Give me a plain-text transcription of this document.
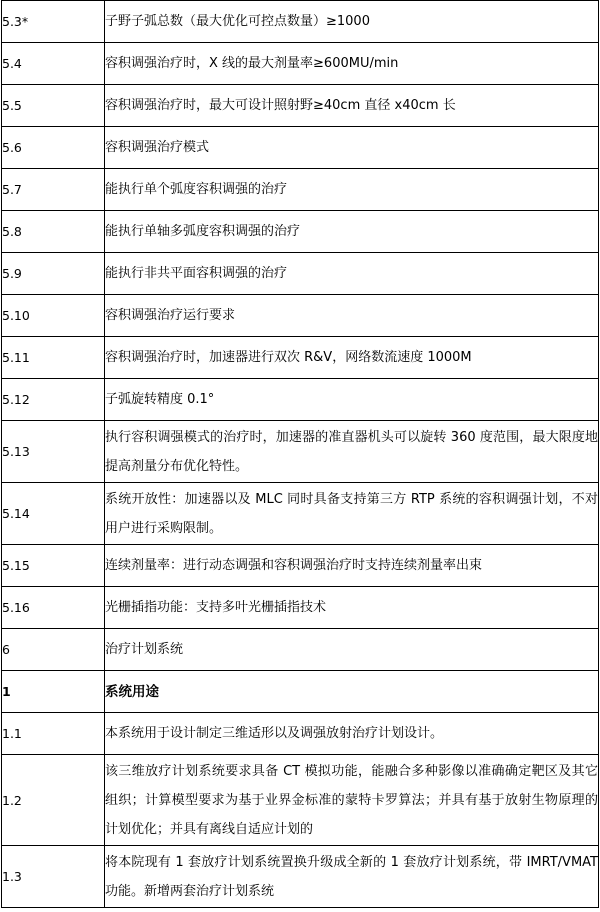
5.3*	子野子弧总数（最大优化可控点数量）≥1000
5.4	容积调强治疗时，X 线的最大剂量率≥600MU/min
5.5	容积调强治疗时，最大可设计照射野≥40cm 直径 x40cm 长
5.6	容积调强治疗模式
5.7	能执行单个弧度容积调强的治疗
5.8	能执行单轴多弧度容积调强的治疗
5.9	能执行非共平面容积调强的治疗
5.10	容积调强治疗运行要求
5.11	容积调强治疗时，加速器进行双次 R&V，网络数流速度 1000M
5.12	子弧旋转精度 0.1°
5.13	执行容积调强模式的治疗时，加速器的准直器机头可以旋转 360 度范围，最大限度地提高剂量分布优化特性。
5.14	系统开放性：加速器以及 MLC 同时具备支持第三方 RTP 系统的容积调强计划，不对用户进行采购限制。
5.15	连续剂量率：进行动态调强和容积调强治疗时支持连续剂量率出束
5.16	光栅插指功能：支持多叶光栅插指技术
6	治疗计划系统
1	系统用途
1.1	本系统用于设计制定三维适形以及调强放射治疗计划设计。
1.2	该三维放疗计划系统要求具备 CT 模拟功能，能融合多种影像以准确确定靶区及其它组织；计算模型要求为基于业界金标准的蒙特卡罗算法；并具有基于放射生物原理的计划优化；并具有离线自适应计划的
1.3	将本院现有 1 套放疗计划系统置换升级成全新的 1 套放疗计划系统，带 IMRT/VMAT 功能。新增两套治疗计划系统
